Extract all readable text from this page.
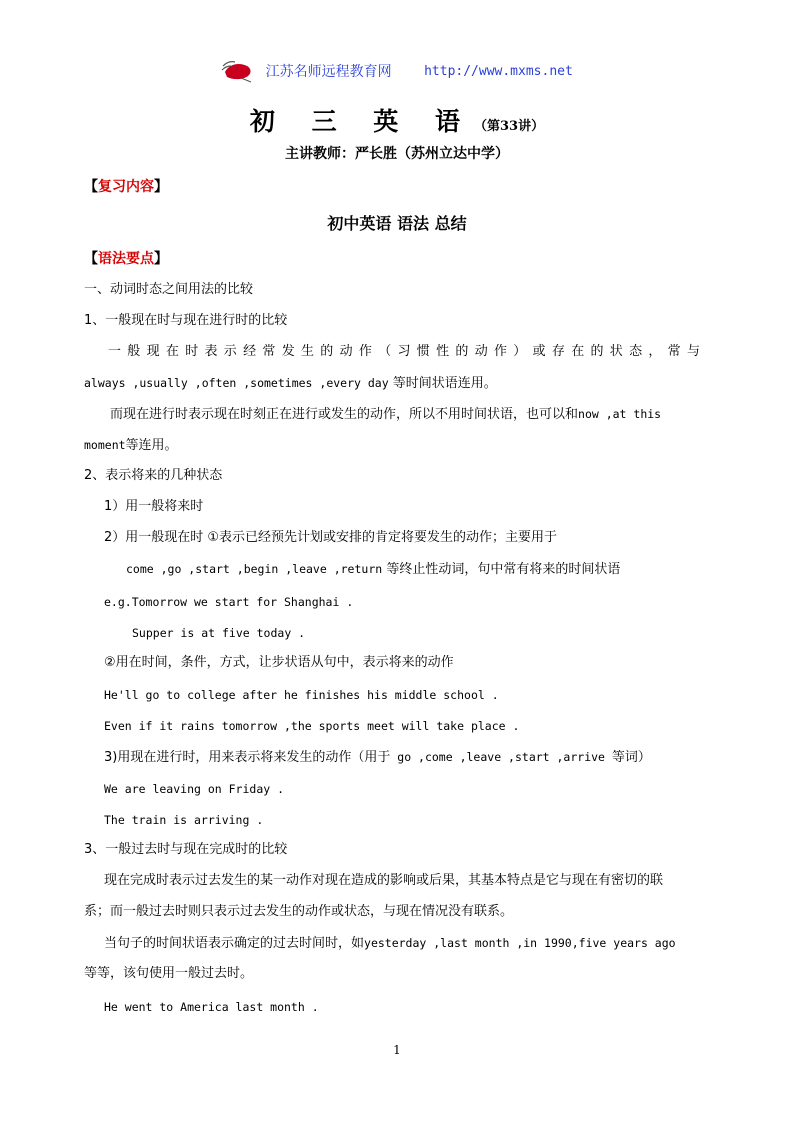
江苏名师远程教育网 http://www.mxms.net
初 三 英 语（第33讲）
主讲教师：严长胜（苏州立达中学）
【复习内容】
初中英语 语法 总结
【语法要点】
一、动词时态之间用法的比较
1、一般现在时与现在进行时的比较
一般现在时表示经常发生的动作（习惯性的动作）或存在的状态，常与
always ,usually ,often ,sometimes ,every day 等时间状语连用。
而现在进行时表示现在时刻正在进行或发生的动作，所以不用时间状语，也可以和now ,at this
moment等连用。
2、表示将来的几种状态
1）用一般将来时
2）用一般现在时 ①表示已经预先计划或安排的肯定将要发生的动作；主要用于
come ,go ,start ,begin ,leave ,return 等终止性动词，句中常有将来的时间状语
e.g.Tomorrow we start for Shanghai .
Supper is at five today .
②用在时间，条件，方式，让步状语从句中，表示将来的动作
He'll go to college after he finishes his middle school .
Even if it rains tomorrow ,the sports meet will take place .
3)用现在进行时，用来表示将来发生的动作（用于 go ,come ,leave ,start ,arrive 等词）
We are leaving on Friday .
The train is arriving .
3、一般过去时与现在完成时的比较
现在完成时表示过去发生的某一动作对现在造成的影响或后果，其基本特点是它与现在有密切的联
系；而一般过去时则只表示过去发生的动作或状态，与现在情况没有联系。
当句子的时间状语表示确定的过去时间时，如yesterday ,last month ,in 1990,five years ago
等等，该句使用一般过去时。
He went to America last month .
1
